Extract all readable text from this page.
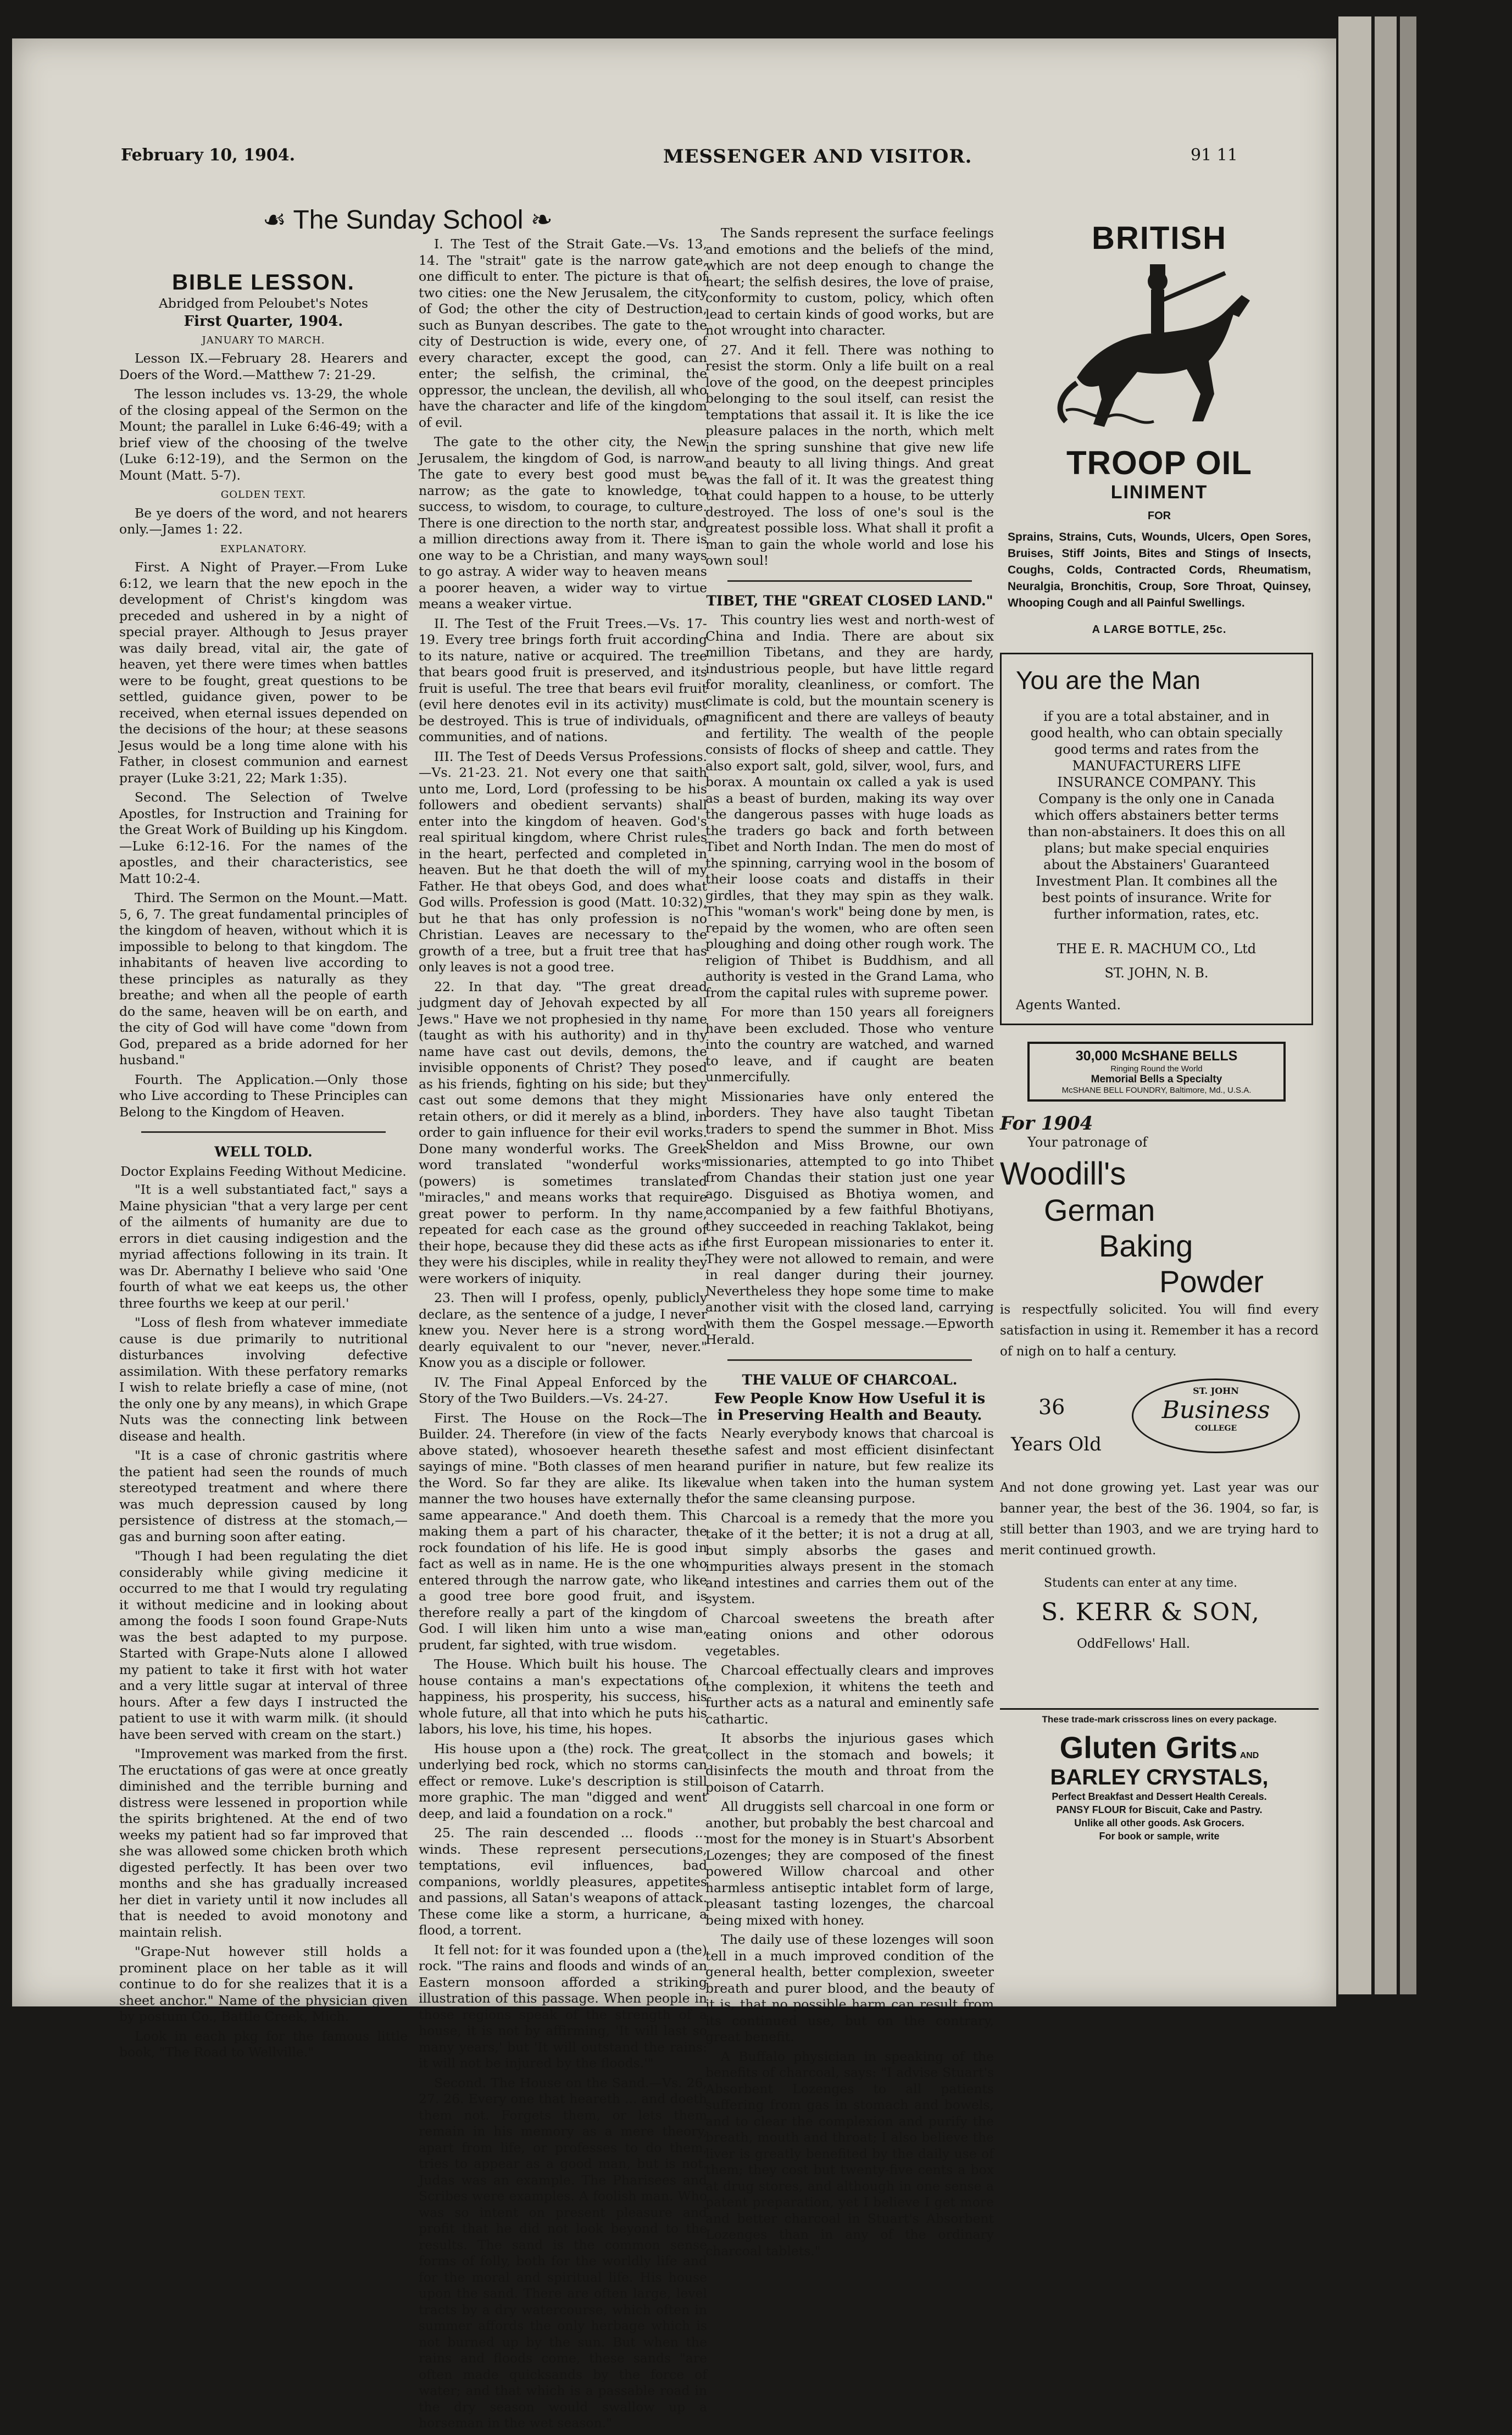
February 10, 1904.	MESSENGER AND VISITOR.	91 11
☙ The Sunday School ❧
BIBLE LESSON.
Abridged from Peloubet's Notes
First Quarter, 1904.
JANUARY TO MARCH.

Lesson IX.—February 28. Hearers and Doers of the Word.—Matthew 7: 21-29.

The lesson includes vs. 13-29, the whole of the closing appeal of the Sermon on the Mount; the parallel in Luke 6:46-49; with a brief view of the choosing of the twelve (Luke 6:12-19), and the Sermon on the Mount (Matt. 5-7).

GOLDEN TEXT.

Be ye doers of the word, and not hearers only.—James 1: 22.

EXPLANATORY.

First. A Night of Prayer.—From Luke 6:12, we learn that the new epoch in the development of Christ's kingdom was preceded and ushered in by a night of special prayer. Although to Jesus prayer was daily bread, vital air, the gate of heaven, yet there were times when battles were to be fought, great questions to be settled, guidance given, power to be received, when eternal issues depended on the decisions of the hour; at these seasons Jesus would be a long time alone with his Father, in closest communion and earnest prayer (Luke 3:21, 22; Mark 1:35).

Second. The Selection of Twelve Apostles, for Instruction and Training for the Great Work of Building up his Kingdom.—Luke 6:12-16. For the names of the apostles, and their characteristics, see Matt 10:2-4.

Third. The Sermon on the Mount.—Matt. 5, 6, 7. The great fundamental principles of the kingdom of heaven, without which it is impossible to belong to that kingdom. The inhabitants of heaven live according to these principles as naturally as they breathe; and when all the people of earth do the same, heaven will be on earth, and the city of God will have come "down from God, prepared as a bride adorned for her husband."

Fourth. The Application.—Only those who Live according to These Principles can Belong to the Kingdom of Heaven.

WELL TOLD.
Doctor Explains Feeding Without Medicine.

"It is a well substantiated fact," says a Maine physician "that a very large per cent of the ailments of humanity are due to errors in diet causing indigestion and the myriad affections following in its train. It was Dr. Abernathy I believe who said 'One fourth of what we eat keeps us, the other three fourths we keep at our peril.'

"Loss of flesh from whatever immediate cause is due primarily to nutritional disturbances involving defective assimilation. With these perfatory remarks I wish to relate briefly a case of mine, (not the only one by any means), in which Grape Nuts was the connecting link between disease and health.

"It is a case of chronic gastritis where the patient had seen the rounds of much stereotyped treatment and where there was much depression caused by long persistence of distress at the stomach,—gas and burning soon after eating.

"Though I had been regulating the diet considerably while giving medicine it occurred to me that I would try regulating it without medicine and in looking about among the foods I soon found Grape-Nuts was the best adapted to my purpose. Started with Grape-Nuts alone I allowed my patient to take it first with hot water and a very little sugar at interval of three hours. After a few days I instructed the patient to use it with warm milk. (it should have been served with cream on the start.)

"Improvement was marked from the first. The eructations of gas were at once greatly diminished and the terrible burning and distress were lessened in proportion while the spirits brightened. At the end of two weeks my patient had so far improved that she was allowed some chicken broth which digested perfectly. It has been over two months and she has gradually increased her diet in variety until it now includes all that is needed to avoid monotony and maintain relish.

"Grape-Nut however still holds a prominent place on her table as it will continue to do for she realizes that it is a sheet anchor." Name of the physician given by postum Co., Battle Creek, Mich.

Look in each pkg for the famous little book, "The Road to Wellville."

I. The Test of the Strait Gate.—Vs. 13, 14. The "strait" gate is the narrow gate, one difficult to enter. The picture is that of two cities: one the New Jerusalem, the city of God; the other the city of Destruction, such as Bunyan describes. The gate to the city of Destruction is wide, every one, of every character, except the good, can enter; the selfish, the criminal, the oppressor, the unclean, the devilish, all who have the character and life of the kingdom of evil.

The gate to the other city, the New Jerusalem, the kingdom of God, is narrow. The gate to every best good must be narrow; as the gate to knowledge, to success, to wisdom, to courage, to culture. There is one direction to the north star, and a million directions away from it. There is one way to be a Christian, and many ways to go astray. A wider way to heaven means a poorer heaven, a wider way to virtue means a weaker virtue.

II. The Test of the Fruit Trees.—Vs. 17-19. Every tree brings forth fruit according to its nature, native or acquired. The tree that bears good fruit is preserved, and its fruit is useful. The tree that bears evil fruit (evil here denotes evil in its activity) must be destroyed. This is true of individuals, of communities, and of nations.

III. The Test of Deeds Versus Professions.—Vs. 21-23. 21. Not every one that saith unto me, Lord, Lord (professing to be his followers and obedient servants) shall enter into the kingdom of heaven. God's real spiritual kingdom, where Christ rules in the heart, perfected and completed in heaven. But he that doeth the will of my Father. He that obeys God, and does what God wills. Profession is good (Matt. 10:32), but he that has only profession is no Christian. Leaves are necessary to the growth of a tree, but a fruit tree that has only leaves is not a good tree.

22. In that day. "The great dread judgment day of Jehovah expected by all Jews." Have we not prophesied in thy name (taught as with his authority) and in thy name have cast out devils, demons, the invisible opponents of Christ? They posed as his friends, fighting on his side; but they cast out some demons that they might retain others, or did it merely as a blind, in order to gain influence for their evil works. Done many wonderful works. The Greek word translated "wonderful works" (powers) is sometimes translated "miracles," and means works that require great power to perform. In thy name, repeated for each case as the ground of their hope, because they did these acts as if they were his disciples, while in reality they were workers of iniquity.

23. Then will I profess, openly, publicly declare, as the sentence of a judge, I never knew you. Never here is a strong word dearly equivalent to our "never, never." Know you as a disciple or follower.

IV. The Final Appeal Enforced by the Story of the Two Builders.—Vs. 24-27.

First. The House on the Rock—The Builder. 24. Therefore (in view of the facts above stated), whosoever heareth these sayings of mine. "Both classes of men hear the Word. So far they are alike. Its like manner the two houses have externally the same appearance." And doeth them. This making them a part of his character, the rock foundation of his life. He is good in fact as well as in name. He is the one who entered through the narrow gate, who like a good tree bore good fruit, and is therefore really a part of the kingdom of God. I will liken him unto a wise man, prudent, far sighted, with true wisdom.

The House. Which built his house. The house contains a man's expectations of happiness, his prosperity, his success, his whole future, all that into which he puts his labors, his love, his time, his hopes.

His house upon a (the) rock. The great underlying bed rock, which no storms can effect or remove. Luke's description is still more graphic. The man "digged and went deep, and laid a foundation on a rock."

25. The rain descended ... floods ... winds. These represent persecutions, temptations, evil influences, bad companions, worldly pleasures, appetites and passions, all Satan's weapons of attack. These come like a storm, a hurricane, a flood, a torrent.

It fell not: for it was founded upon a (the) rock. "The rains and floods and winds of an Eastern monsoon afforded a striking illustration of this passage. When people in those regions speak of the strength of a house, it is not by affirming, 'It will last so many years,' but 'It will outstand the rains: it will not be injured by the floods.'"

Second. The House on the Sand.—Vs. 26, 27. 26. Every one that heareth ... and doeth them not. Forgets them, or lets them remain in his memory as a mere theory, apart from life, or professes to do them, tries to appear as a good man, but is not. Judas was an example. The Pharisees and Scribes were examples. A foolish man. Who was so intent on present pleasure and profit that he did not look beyond to the results. The sand is the common sense forms of folly, both for the worldly life and for the moral and spiritual life. His house upon the sand. There are often large, level tracts by a dry watercourse, which often in summer affords the only herbage which is not burned up by the sun. But when the rains and floods come, these sands "are often made quicksands by the force of water; and that which is a passable road in the dry season would swallow up a horseman in the wet season."

The Sands represent the surface feelings and emotions and the beliefs of the mind, which are not deep enough to change the heart; the selfish desires, the love of praise, conformity to custom, policy, which often lead to certain kinds of good works, but are not wrought into character.

27. And it fell. There was nothing to resist the storm. Only a life built on a real love of the good, on the deepest principles belonging to the soul itself, can resist the temptations that assail it. It is like the ice pleasure palaces in the north, which melt in the spring sunshine that give new life and beauty to all living things. And great was the fall of it. It was the greatest thing that could happen to a house, to be utterly destroyed. The loss of one's soul is the greatest possible loss. What shall it profit a man to gain the whole world and lose his own soul!

TIBET, THE "GREAT CLOSED LAND."

This country lies west and north-west of China and India. There are about six million Tibetans, and they are hardy, industrious people, but have little regard for morality, cleanliness, or comfort. The climate is cold, but the mountain scenery is magnificent and there are valleys of beauty and fertility. The wealth of the people consists of flocks of sheep and cattle. They also export salt, gold, silver, wool, furs, and borax. A mountain ox called a yak is used as a beast of burden, making its way over the dangerous passes with huge loads as the traders go back and forth between Tibet and North Indan. The men do most of the spinning, carrying wool in the bosom of their loose coats and distaffs in their girdles, that they may spin as they walk. This "woman's work" being done by men, is repaid by the women, who are often seen ploughing and doing other rough work. The religion of Thibet is Buddhism, and all authority is vested in the Grand Lama, who from the capital rules with supreme power.

For more than 150 years all foreigners have been excluded. Those who venture into the country are watched, and warned to leave, and if caught are beaten unmercifully.

Missionaries have only entered the borders. They have also taught Tibetan traders to spend the summer in Bhot. Miss Sheldon and Miss Browne, our own missionaries, attempted to go into Thibet from Chandas their station just one year ago. Disguised as Bhotiya women, and accompanied by a few faithful Bhotiyans, they succeeded in reaching Taklakot, being the first European missionaries to enter it. They were not allowed to remain, and were in real danger during their journey. Nevertheless they hope some time to make another visit with the closed land, carrying with them the Gospel message.—Epworth Herald.

THE VALUE OF CHARCOAL.
Few People Know How Useful it is in Preserving Health and Beauty.

Nearly everybody knows that charcoal is the safest and most efficient disinfectant and purifier in nature, but few realize its value when taken into the human system for the same cleansing purpose.

Charcoal is a remedy that the more you take of it the better; it is not a drug at all, but simply absorbs the gases and impurities always present in the stomach and intestines and carries them out of the system.

Charcoal sweetens the breath after eating onions and other odorous vegetables.

Charcoal effectually clears and improves the complexion, it whitens the teeth and further acts as a natural and eminently safe cathartic.

It absorbs the injurious gases which collect in the stomach and bowels; it disinfects the mouth and throat from the poison of Catarrh.

All druggists sell charcoal in one form or another, but probably the best charcoal and most for the money is in Stuart's Absorbent Lozenges; they are composed of the finest powered Willow charcoal and other harmless antiseptic intablet form of large, pleasant tasting lozenges, the charcoal being mixed with honey.

The daily use of these lozenges will soon tell in a much improved condition of the general health, better complexion, sweeter breath and purer blood, and the beauty of it is, that no possible harm can result from its continued use, but on the contrary, great benefit.

A Buffalo physician in speaking of the benefits of charcoal, says: "I advise Stuart's Absorbent Lozenges to all patients suffering from gas in stomach and bowels, and to clear the complexion and purify the breath, mouth and throat; I also believe the liver is greatly benefited by the daily use of them; they cost but twenty-five cents a box at drug stores, and although in one sense a patent preparation, yet I believe I get more and better charcoal in Stuart's Absorbent Lozenges than in any of the ordinary charcoal tablets."

BRITISH
TROOP OIL
LINIMENT
FOR
Sprains, Strains, Cuts, Wounds, Ulcers, Open Sores, Bruises, Stiff Joints, Bites and Stings of Insects, Coughs, Colds, Contracted Cords, Rheumatism, Neuralgia, Bronchitis, Croup, Sore Throat, Quinsey, Whooping Cough and all Painful Swellings.
A LARGE BOTTLE, 25c.
You are the Man
if you are a total abstainer, and in good health, who can obtain specially good terms and rates from the MANUFACTURERS LIFE INSURANCE COMPANY. This Company is the only one in Canada which offers abstainers better terms than non-abstainers. It does this on all plans; but make special enquiries about the Abstainers' Guaranteed Investment Plan. It combines all the best points of insurance. Write for further information, rates, etc.
THE E. R. MACHUM CO., Ltd
ST. JOHN, N. B.
Agents Wanted.
30,000 McSHANE BELLS
Ringing Round the World
Memorial Bells a Specialty
McSHANE BELL FOUNDRY, Baltimore, Md., U.S.A.
For 1904
Your patronage of
Woodill's
German
Baking
Powder
is respectfully solicited. You will find every satisfaction in using it. Remember it has a record of nigh on to half a century.
36
Years Old
ST. JOHN
Business
COLLEGE
And not done growing yet. Last year was our banner year, the best of the 36. 1904, so far, is still better than 1903, and we are trying hard to merit continued growth.
Students can enter at any time.
S. KERR & SON,
OddFellows' Hall.
These trade-mark crisscross lines on every package.
Gluten Grits AND
BARLEY CRYSTALS,
Perfect Breakfast and Dessert Health Cereals.
PANSY FLOUR for Biscuit, Cake and Pastry.
Unlike all other goods. Ask Grocers.
For book or sample, write
